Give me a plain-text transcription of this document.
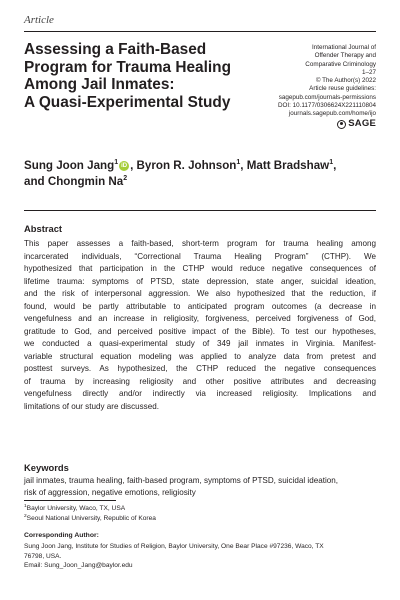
Article
Assessing a Faith-Based
Program for Trauma Healing
Among Jail Inmates:
A Quasi-Experimental Study
International Journal of
Offender Therapy and
Comparative Criminology
1–27
© The Author(s) 2022
Article reuse guidelines:
sagepub.com/journals-permissions
DOI: 10.1177/0306624X221110804
journals.sagepub.com/home/ijo
SAGE
Sung Joon Jang$^1$ iD , Byron R. Johnson$^1$, Matt Bradshaw$^1$,
and Chongmin Na$^2$
Abstract
This paper assesses a faith-based, short-term program for trauma healing among
incarcerated individuals, “Correctional Trauma Healing Program” (CTHP). We
hypothesized that participation in the CTHP would reduce negative consequences of
lifetime trauma: symptoms of PTSD, state depression, state anger, suicidal ideation,
and the risk of interpersonal aggression. We also hypothesized that the reduction, if
found, would be partly attributable to anticipated program outcomes (a decrease in
vengefulness and an increase in religiosity, forgiveness, perceived forgiveness of God,
gratitude to God, and perceived positive impact of the Bible). To test our hypotheses,
we conducted a quasi-experimental study of 349 jail inmates in Virginia. Manifest-
variable structural equation modeling was applied to analyze data from pretest and
posttest surveys. As hypothesized, the CTHP reduced the negative consequences
of trauma by increasing religiosity and other positive attributes and decreasing
vengefulness directly and/or indirectly via increased religiosity. Implications and
limitations of our study are discussed.
Keywords
jail inmates, trauma healing, faith-based program, symptoms of PTSD, suicidal ideation,
risk of aggression, negative emotions, religiosity
$^1$Baylor University, Waco, TX, USA
$^2$Seoul National University, Republic of Korea
Corresponding Author:
Sung Joon Jang, Institute for Studies of Religion, Baylor University, One Bear Place #97236, Waco, TX
76798, USA.
Email: Sung_Joon_Jang@baylor.edu
